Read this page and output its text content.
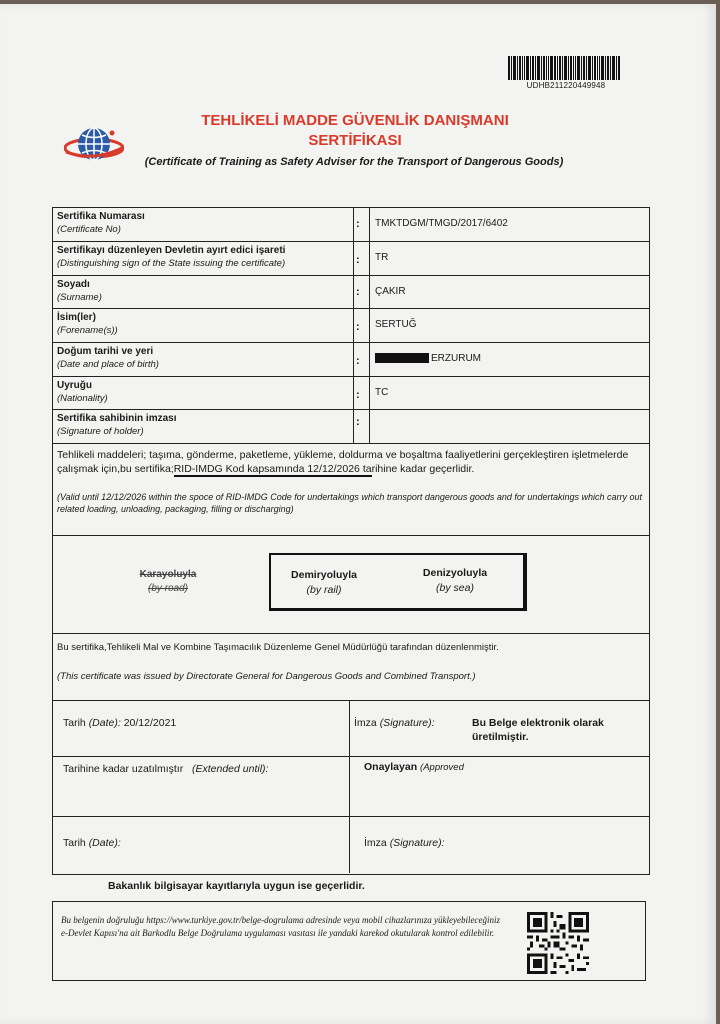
UDHB211220449948
TEHLİKELİ MADDE GÜVENLİK DANIŞMANI
SERTİFİKASI
(Certificate of Training as Safety Adviser for the Transport of Dangerous Goods)
Sertifika Numarası
(Certificate No)	: TMKTDGM/TMGD/2017/6402
Sertifikayı düzenleyen Devletin ayırt edici işareti
(Distinguishing sign of the State issuing the certificate)	: TR
Soyadı
(Surname)	: ÇAKIR
İsim(ler)
(Forename(s))	: SERTUĞ
Doğum tarihi ve yeri
(Date and place of birth)	:	ERZURUM
Uyruğu
(Nationality)	: TC
Sertifika sahibinin imzası
(Signature of holder)
:
Tehlikeli maddeleri; taşıma, gönderme, paketleme, yükleme, doldurma ve boşaltma faaliyetlerini gerçekleştiren işletmelerde çalışmak için,bu sertifika;RID-IMDG Kod kapsamında 12/12/2026 tarihine kadar geçerlidir.
(Valid until 12/12/2026 within the spoce of RID-IMDG Code for undertakings which transport dangerous goods and for undertakings which carry out related loading, unloading, packaging, filling or discharging)
Karayoluyla
(by road)
Demiryoluyla
(by rail)
Denizyoluyla
(by sea)
Bu sertifika,Tehlikeli Mal ve Kombine Taşımacılık Düzenleme Genel Müdürlüğü tarafından düzenlenmiştir.
(This certificate was issued by Directorate General for Dangerous Goods and Combined Transport.)
Tarih (Date): 20/12/2021	İmza (Signature):	Bu Belge elektronik olarak üretilmiştir.
Tarihine kadar uzatılmıştır (Extended until):	Onaylayan (Approved
Tarih (Date):	İmza (Signature):
Bakanlık bilgisayar kayıtlarıyla uygun ise geçerlidir.
Bu belgenin doğruluğu https://www.turkiye.gov.tr/belge-dogrulama adresinde veya mobil cihazlarınıza yükleyebileceğiniz e-Devlet Kapısı'na ait Barkodlu Belge Doğrulama uygulaması vasıtası ile yandaki karekod okutularak kontrol edilebilir.
